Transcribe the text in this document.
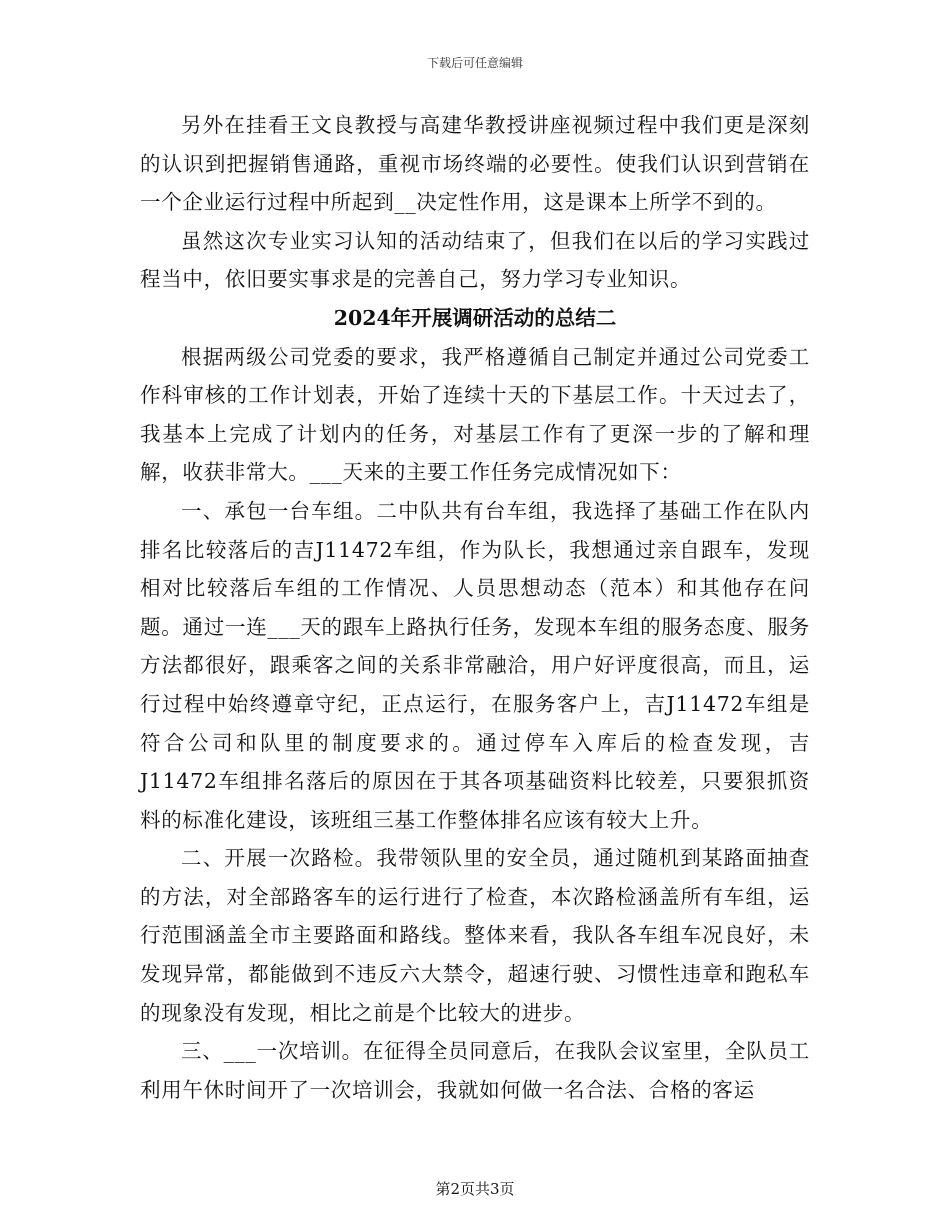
下载后可任意编辑

另外在挂看王文良教授与高建华教授讲座视频过程中我们更是深刻的认识到把握销售通路，重视市场终端的必要性。使我们认识到营销在一个企业运行过程中所起到__决定性作用，这是课本上所学不到的。

虽然这次专业实习认知的活动结束了，但我们在以后的学习实践过程当中，依旧要实事求是的完善自己，努力学习专业知识。

2024年开展调研活动的总结二

根据两级公司党委的要求，我严格遵循自己制定并通过公司党委工作科审核的工作计划表，开始了连续十天的下基层工作。十天过去了，我基本上完成了计划内的任务，对基层工作有了更深一步的了解和理解，收获非常大。___天来的主要工作任务完成情况如下：

一、承包一台车组。二中队共有台车组，我选择了基础工作在队内排名比较落后的吉J11472车组，作为队长，我想通过亲自跟车，发现相对比较落后车组的工作情况、人员思想动态（范本）和其他存在问题。通过一连___天的跟车上路执行任务，发现本车组的服务态度、服务方法都很好，跟乘客之间的关系非常融洽，用户好评度很高，而且，运行过程中始终遵章守纪，正点运行，在服务客户上，吉J11472车组是符合公司和队里的制度要求的。通过停车入库后的检查发现，吉J11472车组排名落后的原因在于其各项基础资料比较差，只要狠抓资料的标准化建设，该班组三基工作整体排名应该有较大上升。

二、开展一次路检。我带领队里的安全员，通过随机到某路面抽查的方法，对全部路客车的运行进行了检查，本次路检涵盖所有车组，运行范围涵盖全市主要路面和路线。整体来看，我队各车组车况良好，未发现异常，都能做到不违反六大禁令，超速行驶、习惯性违章和跑私车的现象没有发现，相比之前是个比较大的进步。

三、___一次培训。在征得全员同意后，在我队会议室里，全队员工利用午休时间开了一次培训会，我就如何做一名合法、合格的客运

第2页共3页
